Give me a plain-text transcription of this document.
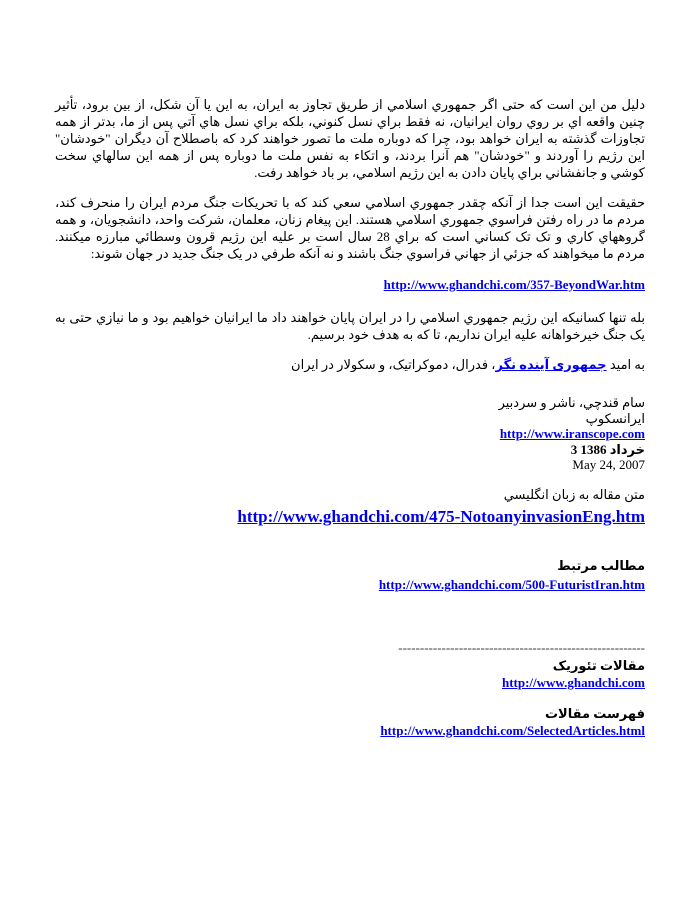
دلیل من این است که حتی اگر جمهوري اسلامي از طریق تجاوز به ایران، به این یا آن شکل، از بین برود، تأثیر چنین واقعه اي بر روي روان ایرانیان، نه فقط براي نسل کنوني، بلکه براي نسل هاي آتي پس از ما، بدتر از همه تجاوزات گذشته به ایران خواهد بود، چرا که دوباره ملت ما تصور خواهند کرد که باصطلاح آن دیگران "خودشان" این رژیم را آوردند و "خودشان" هم آنرا بردند، و اتکاء به نفس ملت ما دوباره پس از همه این سالهاي سخت کوشي و جانفشاني براي پایان دادن به این رژیم اسلامي، بر باد خواهد رفت.

حقیقت این است جدا از آنکه چقدر جمهوري اسلامي سعي کند که با تحریکات جنگ مردم ایران را منحرف کند، مردم ما در راه رفتن فراسوي جمهوري اسلامي هستند. این پیغام زنان، معلمان، شرکت واحد، دانشجویان، و همه گروههاي کاري و تک تک کساني است که براي 28 سال است بر علیه این رژیم قرون وسطائي مبارزه میکنند. مردم ما میخواهند که جزئي از جهاني فراسوي جنگ باشند و نه آنکه طرفي در یک جنگ جدید در جهان شوند:

http://www.ghandchi.com/357-BeyondWar.htm

بله تنها کسانیکه این رژیم جمهوري اسلامي را در ایران پایان خواهند داد ما ایرانیان خواهیم بود و ما نیازي حتی به یک جنگ خیرخواهانه علیه ایران نداریم، تا که به هدف خود برسیم.

به امید جمهوری آینده نگر، فدرال، دموکراتیک، و سکولار در ایران
سام قندچي، ناشر و سردبیر
ایرانسکوپ
http://www.iranscope.com
3 خرداد 1386
May 24, 2007
متن مقاله به زبان انگلیسي
http://www.ghandchi.com/475-NotoanyinvasionEng.htm
مطالب مرتبط
http://www.ghandchi.com/500-FuturistIran.htm
---------------------------------------------------------
مقالات تئوریک
http://www.ghandchi.com
فهرست مقالات
http://www.ghandchi.com/SelectedArticles.html
